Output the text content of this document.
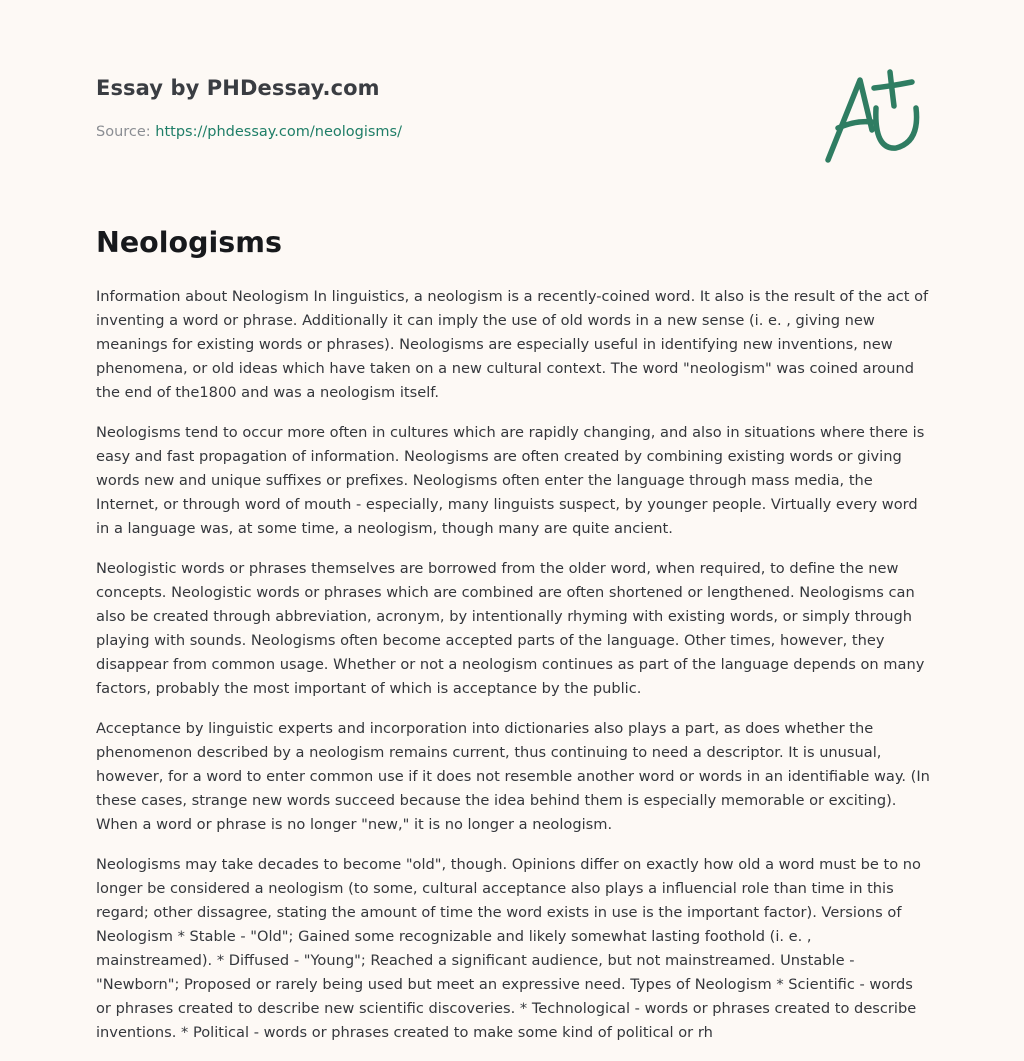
Essay by PHDessay.com
Source: https://phdessay.com/neologisms/
Neologisms

Information about Neologism In linguistics, a neologism is a recently-coined word. It also is the result of the act of inventing a word or phrase. Additionally it can imply the use of old words in a new sense (i. e. , giving new meanings for existing words or phrases). Neologisms are especially useful in identifying new inventions, new phenomena, or old ideas which have taken on a new cultural context. The word "neologism" was coined around the end of the1800 and was a neologism itself.

Neologisms tend to occur more often in cultures which are rapidly changing, and also in situations where there is easy and fast propagation of information. Neologisms are often created by combining existing words or giving words new and unique suffixes or prefixes. Neologisms often enter the language through mass media, the Internet, or through word of mouth - especially, many linguists suspect, by younger people. Virtually every word in a language was, at some time, a neologism, though many are quite ancient.

Neologistic words or phrases themselves are borrowed from the older word, when required, to define the new concepts. Neologistic words or phrases which are combined are often shortened or lengthened. Neologisms can also be created through abbreviation, acronym, by intentionally rhyming with existing words, or simply through playing with sounds. Neologisms often become accepted parts of the language. Other times, however, they disappear from common usage. Whether or not a neologism continues as part of the language depends on many factors, probably the most important of which is acceptance by the public.

Acceptance by linguistic experts and incorporation into dictionaries also plays a part, as does whether the phenomenon described by a neologism remains current, thus continuing to need a descriptor. It is unusual, however, for a word to enter common use if it does not resemble another word or words in an identifiable way. (In these cases, strange new words succeed because the idea behind them is especially memorable or exciting). When a word or phrase is no longer "new," it is no longer a neologism.

Neologisms may take decades to become "old", though. Opinions differ on exactly how old a word must be to no longer be considered a neologism (to some, cultural acceptance also plays a influencial role than time in this regard; other dissagree, stating the amount of time the word exists in use is the important factor). Versions of Neologism * Stable - "Old"; Gained some recognizable and likely somewhat lasting foothold (i. e. , mainstreamed). * Diffused - "Young"; Reached a significant audience, but not mainstreamed. Unstable - "Newborn"; Proposed or rarely being used but meet an expressive need. Types of Neologism * Scientific - words or phrases created to describe new scientific discoveries. * Technological - words or phrases created to describe inventions. * Political - words or phrases created to make some kind of political or rh
